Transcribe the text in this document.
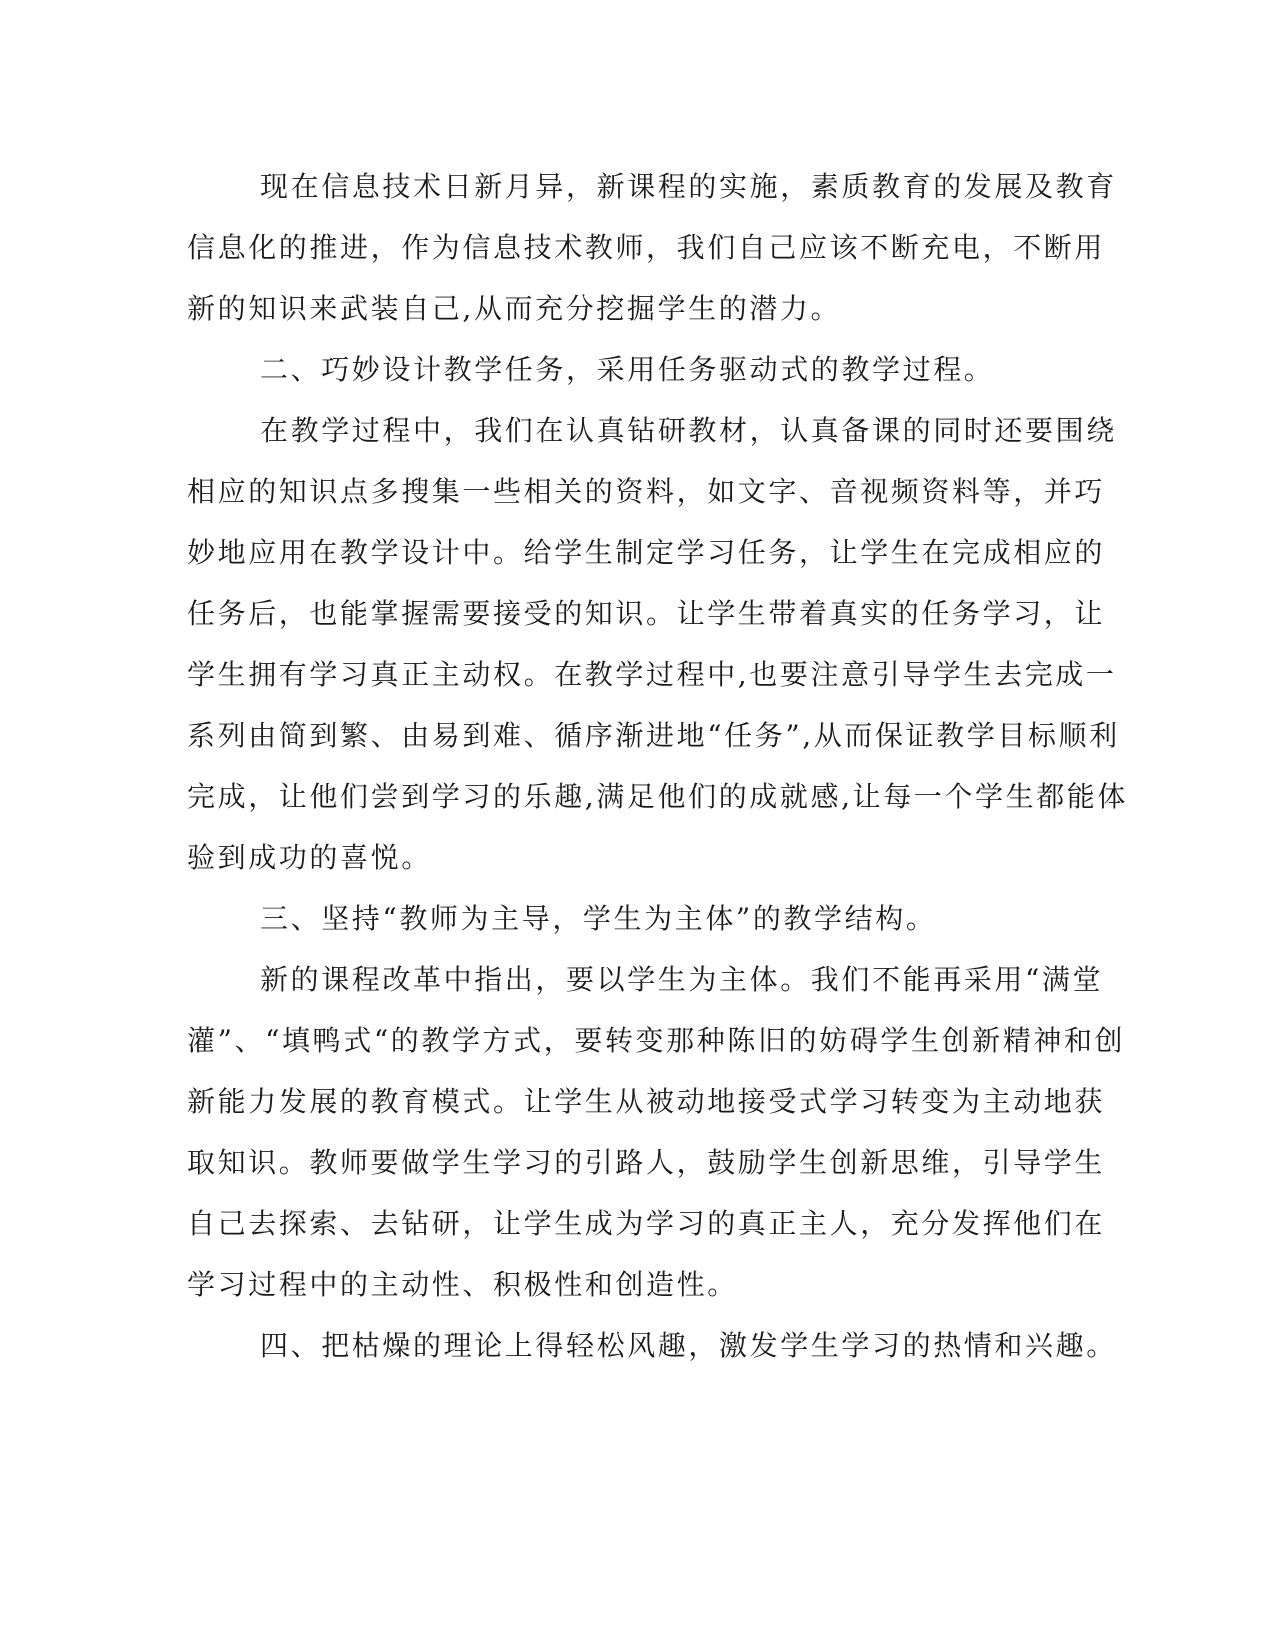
现在信息技术日新月异，新课程的实施，素质教育的发展及教育
信息化的推进，作为信息技术教师，我们自己应该不断充电，不断用
新的知识来武装自己,从而充分挖掘学生的潜力。
二、巧妙设计教学任务，采用任务驱动式的教学过程。
在教学过程中，我们在认真钻研教材，认真备课的同时还要围绕
相应的知识点多搜集一些相关的资料，如文字、音视频资料等，并巧
妙地应用在教学设计中。给学生制定学习任务，让学生在完成相应的
任务后，也能掌握需要接受的知识。让学生带着真实的任务学习，让
学生拥有学习真正主动权。在教学过程中,也要注意引导学生去完成一
系列由简到繁、由易到难、循序渐进地“任务”,从而保证教学目标顺利
完成，让他们尝到学习的乐趣,满足他们的成就感,让每一个学生都能体
验到成功的喜悦。
三、坚持“教师为主导，学生为主体”的教学结构。
新的课程改革中指出，要以学生为主体。我们不能再采用“满堂
灌”、“填鸭式“的教学方式，要转变那种陈旧的妨碍学生创新精神和创
新能力发展的教育模式。让学生从被动地接受式学习转变为主动地获
取知识。教师要做学生学习的引路人，鼓励学生创新思维，引导学生
自己去探索、去钻研，让学生成为学习的真正主人，充分发挥他们在
学习过程中的主动性、积极性和创造性。
四、把枯燥的理论上得轻松风趣，激发学生学习的热情和兴趣。
